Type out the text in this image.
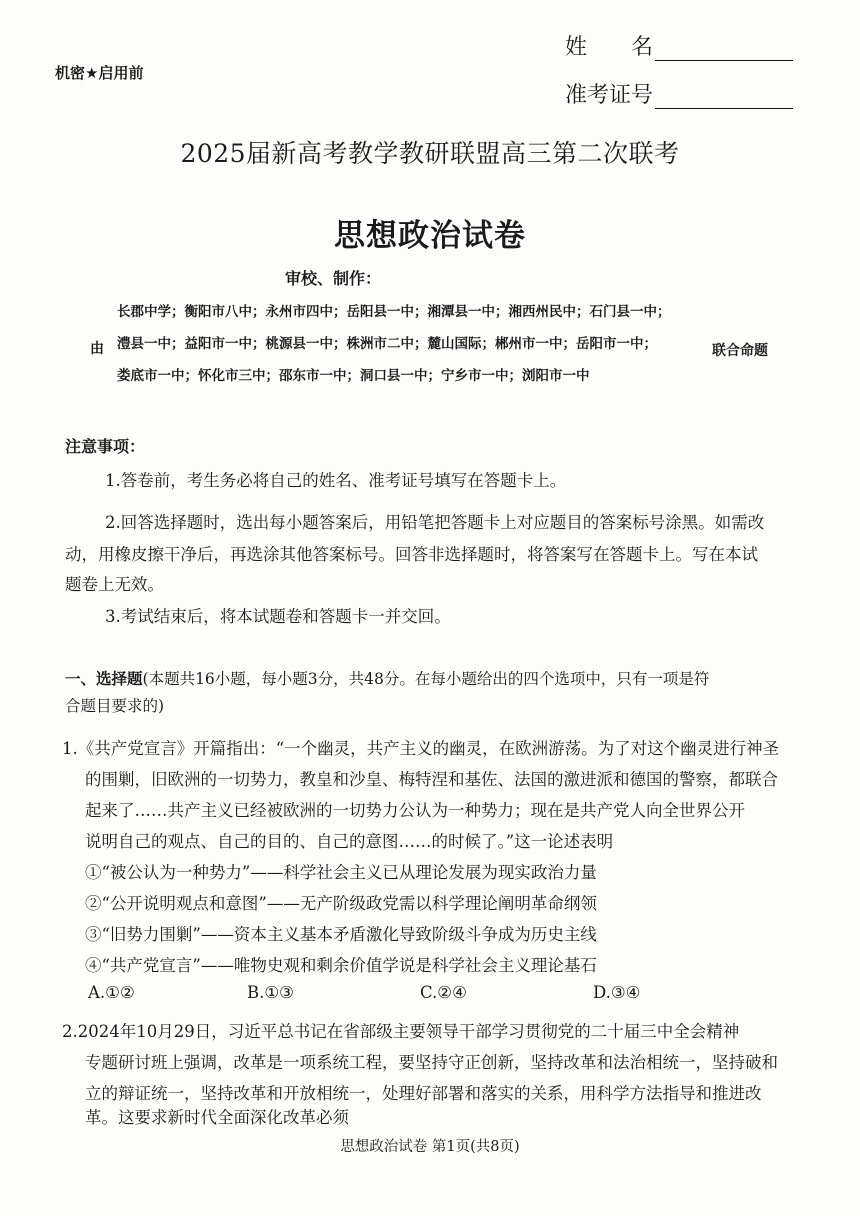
机密★启用前
姓　　名
准考证号
2025届新高考教学教研联盟高三第二次联考
思想政治试卷
审校、制作：
由
长郡中学；衡阳市八中；永州市四中；岳阳县一中；湘潭县一中；湘西州民中；石门县一中；
澧县一中；益阳市一中；桃源县一中；株洲市二中；麓山国际；郴州市一中；岳阳市一中；
娄底市一中；怀化市三中；邵东市一中；洞口县一中；宁乡市一中；浏阳市一中
联合命题
注意事项：
1.答卷前，考生务必将自己的姓名、准考证号填写在答题卡上。
2.回答选择题时，选出每小题答案后，用铅笔把答题卡上对应题目的答案标号涂黑。如需改
动，用橡皮擦干净后，再选涂其他答案标号。回答非选择题时，将答案写在答题卡上。写在本试
题卷上无效。
3.考试结束后，将本试题卷和答题卡一并交回。
一、选择题(本题共16小题，每小题3分，共48分。在每小题给出的四个选项中，只有一项是符
合题目要求的)
1.《共产党宣言》开篇指出：“一个幽灵，共产主义的幽灵，在欧洲游荡。为了对这个幽灵进行神圣
的围剿，旧欧洲的一切势力，教皇和沙皇、梅特涅和基佐、法国的激进派和德国的警察，都联合
起来了……共产主义已经被欧洲的一切势力公认为一种势力；现在是共产党人向全世界公开
说明自己的观点、自己的目的、自己的意图……的时候了。”这一论述表明
①“被公认为一种势力”——科学社会主义已从理论发展为现实政治力量
②“公开说明观点和意图”——无产阶级政党需以科学理论阐明革命纲领
③“旧势力围剿”——资本主义基本矛盾激化导致阶级斗争成为历史主线
④“共产党宣言”——唯物史观和剩余价值学说是科学社会主义理论基石
A.①②	B.①③	C.②④	D.③④
2.2024年10月29日，习近平总书记在省部级主要领导干部学习贯彻党的二十届三中全会精神
专题研讨班上强调，改革是一项系统工程，要坚持守正创新，坚持改革和法治相统一，坚持破和
立的辩证统一，坚持改革和开放相统一，处理好部署和落实的关系，用科学方法指导和推进改
革。这要求新时代全面深化改革必须
思想政治试卷 第1页(共8页)
